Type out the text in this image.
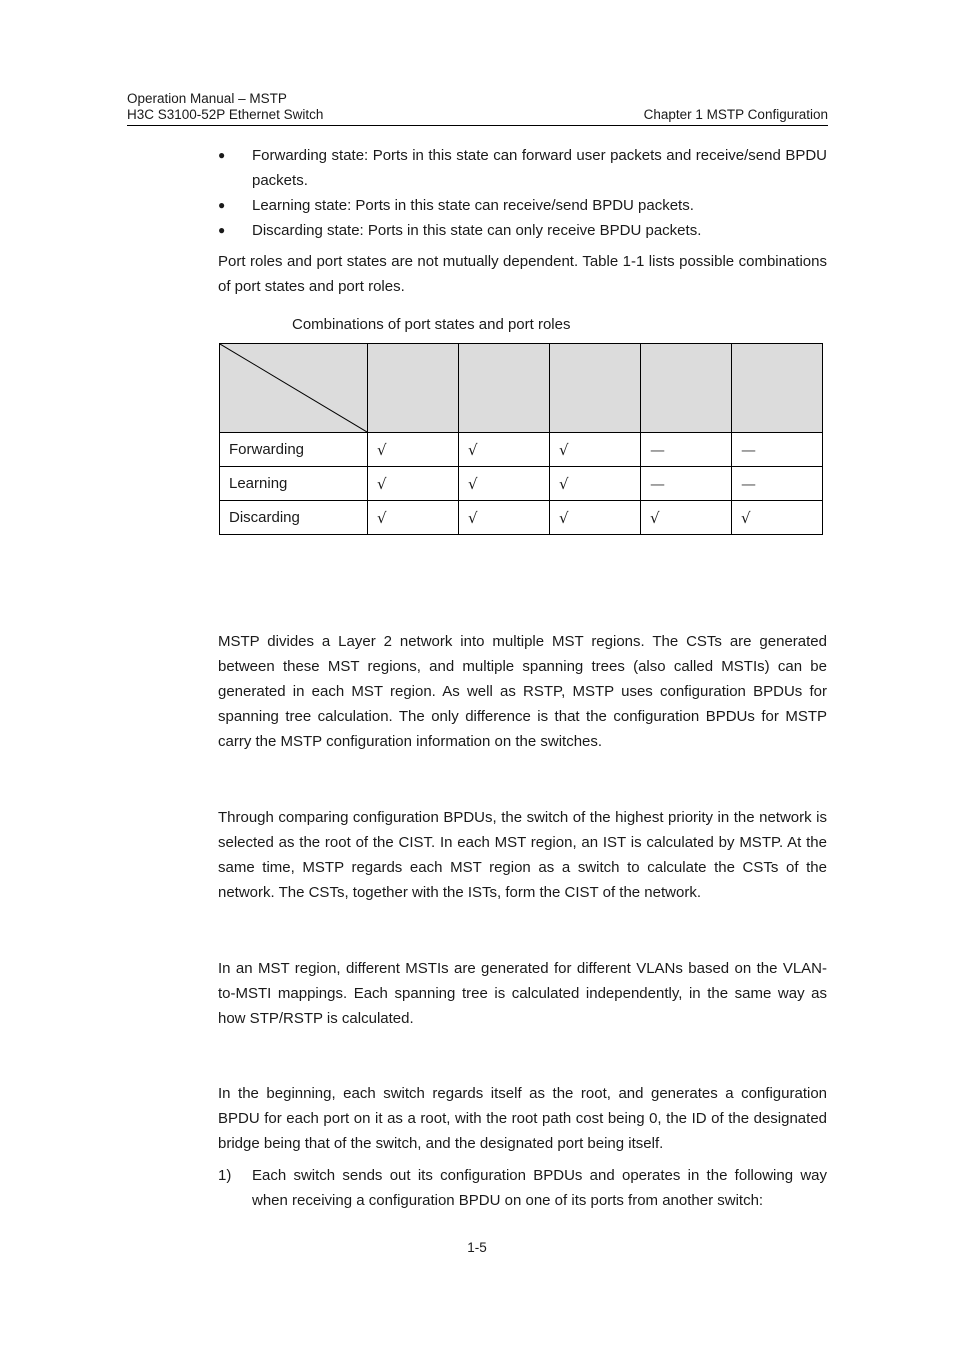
Operation Manual – MSTP
H3C S3100-52P Ethernet Switch	Chapter 1 MSTP Configuration
●	Forwarding state: Ports in this state can forward user packets and receive/send BPDU packets.
●	Learning state: Ports in this state can receive/send BPDU packets.
●	Discarding state: Ports in this state can only receive BPDU packets.
Port roles and port states are not mutually dependent. Table 1-1 lists possible combinations of port states and port roles.
Combinations of port states and port roles

Forwarding	√	√	√	—	—
Learning	√	√	√	—	—
Discarding	√	√	√	√	√
MSTP divides a Layer 2 network into multiple MST regions. The CSTs are generated between these MST regions, and multiple spanning trees (also called MSTIs) can be generated in each MST region. As well as RSTP, MSTP uses configuration BPDUs for spanning tree calculation. The only difference is that the configuration BPDUs for MSTP carry the MSTP configuration information on the switches.
Through comparing configuration BPDUs, the switch of the highest priority in the network is selected as the root of the CIST. In each MST region, an IST is calculated by MSTP. At the same time, MSTP regards each MST region as a switch to calculate the CSTs of the network. The CSTs, together with the ISTs, form the CIST of the network.
In an MST region, different MSTIs are generated for different VLANs based on the VLAN-to-MSTI mappings. Each spanning tree is calculated independently, in the same way as how STP/RSTP is calculated.
In the beginning, each switch regards itself as the root, and generates a configuration BPDU for each port on it as a root, with the root path cost being 0, the ID of the designated bridge being that of the switch, and the designated port being itself.
1) Each switch sends out its configuration BPDUs and operates in the following way when receiving a configuration BPDU on one of its ports from another switch:
1-5
